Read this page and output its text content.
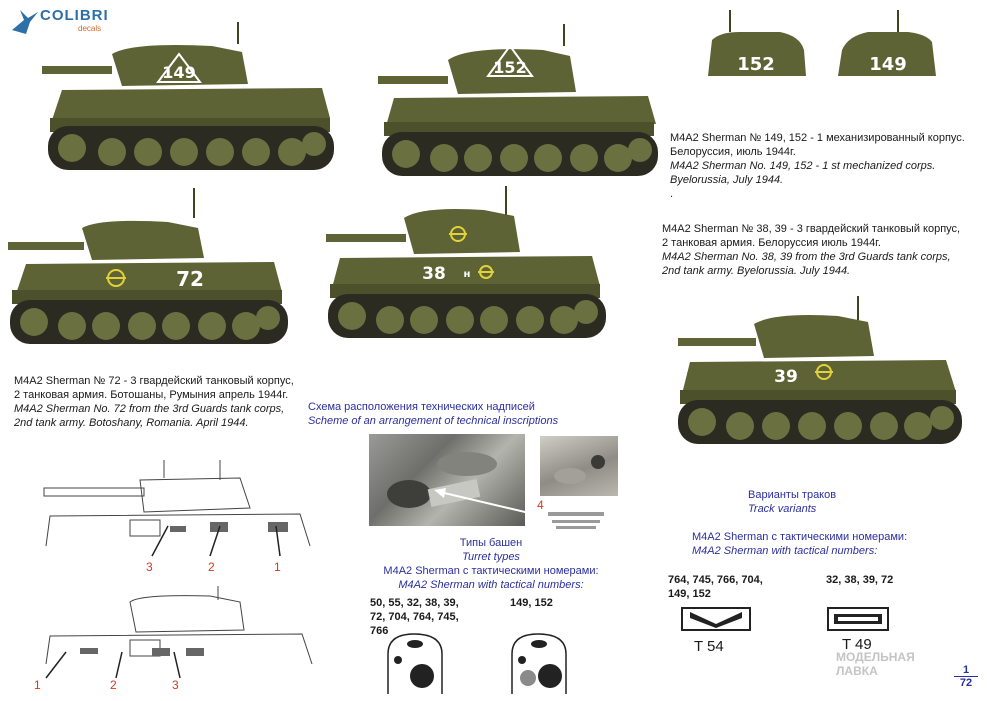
COLIBRI
decals
149	152	152	149
M4A2 Sherman № 149, 152 - 1 механизированный корпус.
Белоруссия, июль 1944г.
M4A2 Sherman No. 149, 152 - 1 st mechanized corps.
Byelorussia, July 1944.
.
M4A2 Sherman № 38, 39 - 3 гвардейский танковый корпус,
2 танковая армия. Белоруссия июль 1944г.
M4A2 Sherman No. 38, 39 from the 3rd Guards tank corps,
2nd tank army. Byelorussia. July 1944.
72	38 н
39
M4A2 Sherman № 72 - 3 гвардейский танковый корпус,
2 танковая армия. Ботошаны, Румыния апрель 1944г.
M4A2 Sherman No. 72 from the 3rd Guards tank corps,
2nd tank army. Botoshany, Romania. April 1944.
Схема расположения технических надписей
Scheme of an arrangement of technical inscriptions
Варианты траков
Track variants
M4A2 Sherman с тактическими номерами:
M4A2 Sherman with tactical numbers:
Типы башен
Turret types
M4A2 Sherman с тактическими номерами:
M4A2 Sherman with tactical numbers:
50, 55, 32, 38, 39,
72, 704, 764, 745,
766
149, 152
764, 745, 766, 704,
149, 152
32, 38, 39, 72
T 54	T 49
3	2	1
1	2	3
4
МОДЕЛЬНАЯ
ЛАВКА	1
72
